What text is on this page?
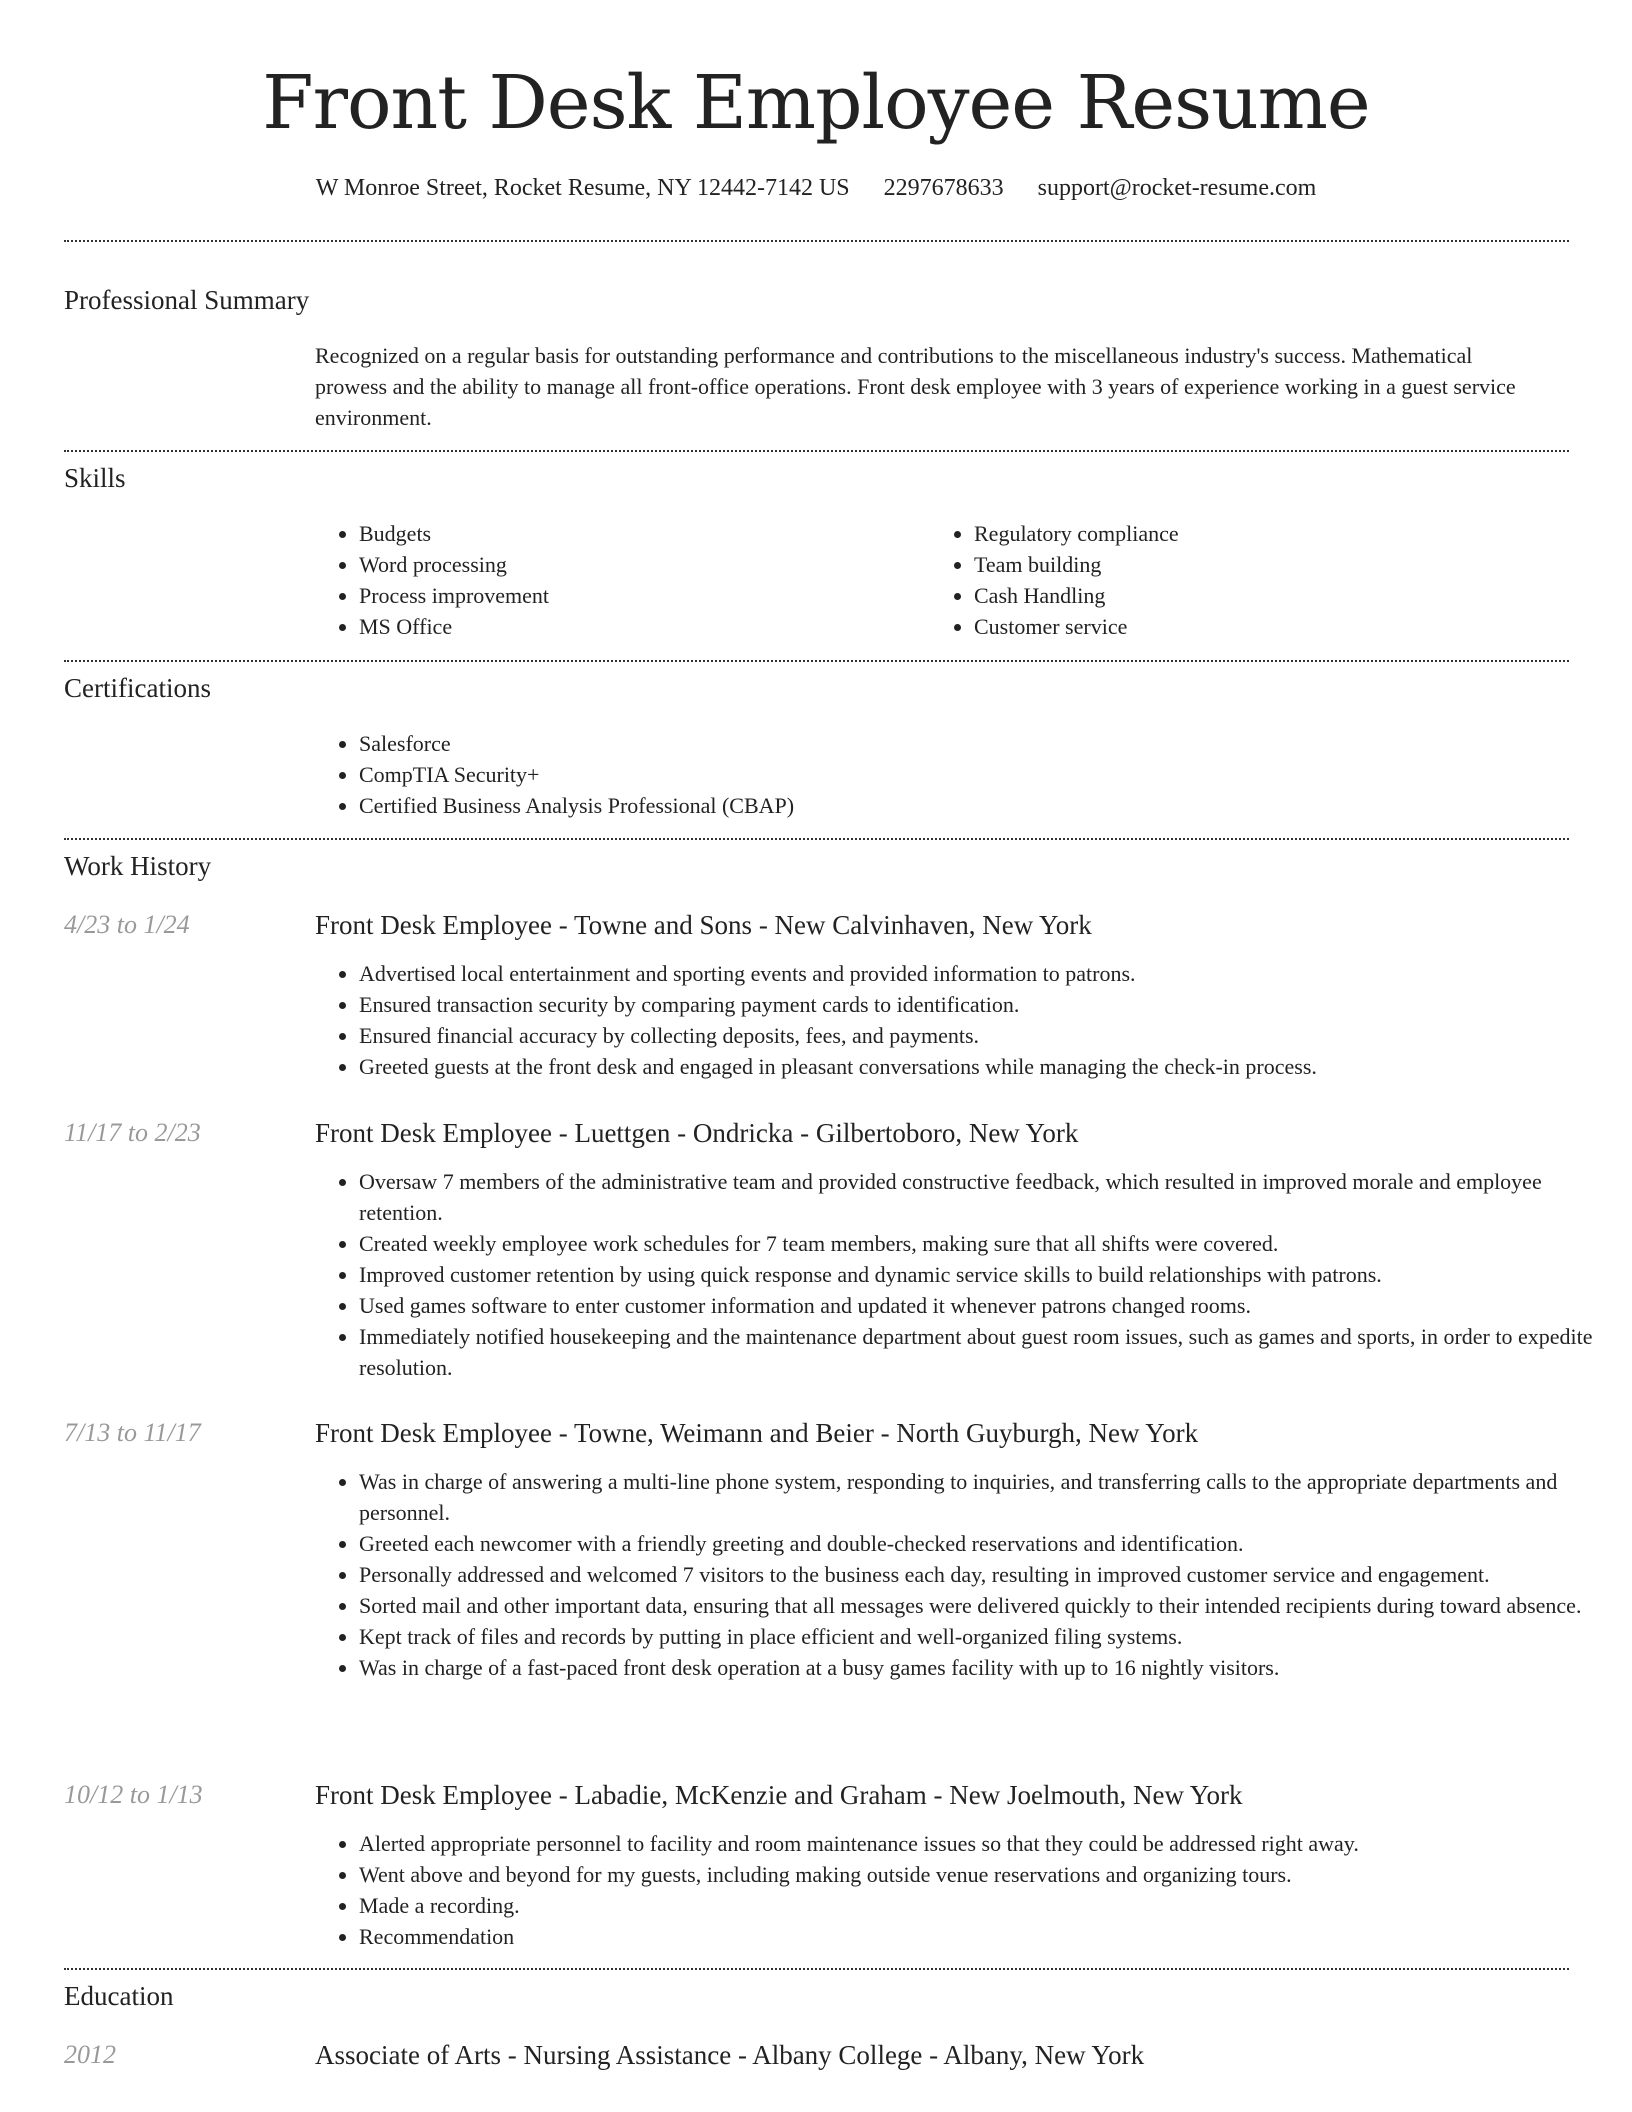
Front Desk Employee Resume
W Monroe Street, Rocket Resume, NY 12442-7142 US 2297678633 support@rocket-resume.com
Professional Summary

Recognized on a regular basis for outstanding performance and contributions to the miscellaneous industry's success. Mathematical prowess and the ability to manage all front-office operations. Front desk employee with 3 years of experience working in a guest service environment.

Skills
• Budgets
• Word processing
• Process improvement
• MS Office
• Regulatory compliance
• Team building
• Cash Handling
• Customer service
Certifications
• Salesforce
• CompTIA Security+
• Certified Business Analysis Professional (CBAP)
Work History
4/23 to 1/24	Front Desk Employee - Towne and Sons - New Calvinhaven, New York
• Advertised local entertainment and sporting events and provided information to patrons.
• Ensured transaction security by comparing payment cards to identification.
• Ensured financial accuracy by collecting deposits, fees, and payments.
• Greeted guests at the front desk and engaged in pleasant conversations while managing the check-in process.
11/17 to 2/23	Front Desk Employee - Luettgen - Ondricka - Gilbertoboro, New York
• Oversaw 7 members of the administrative team and provided constructive feedback, which resulted in improved morale and employee retention.
• Created weekly employee work schedules for 7 team members, making sure that all shifts were covered.
• Improved customer retention by using quick response and dynamic service skills to build relationships with patrons.
• Used games software to enter customer information and updated it whenever patrons changed rooms.
• Immediately notified housekeeping and the maintenance department about guest room issues, such as games and sports, in order to expedite resolution.
7/13 to 11/17	Front Desk Employee - Towne, Weimann and Beier - North Guyburgh, New York
• Was in charge of answering a multi-line phone system, responding to inquiries, and transferring calls to the appropriate departments and personnel.
• Greeted each newcomer with a friendly greeting and double-checked reservations and identification.
• Personally addressed and welcomed 7 visitors to the business each day, resulting in improved customer service and engagement.
• Sorted mail and other important data, ensuring that all messages were delivered quickly to their intended recipients during toward absence.
• Kept track of files and records by putting in place efficient and well-organized filing systems.
• Was in charge of a fast-paced front desk operation at a busy games facility with up to 16 nightly visitors.
10/12 to 1/13	Front Desk Employee - Labadie, McKenzie and Graham - New Joelmouth, New York
• Alerted appropriate personnel to facility and room maintenance issues so that they could be addressed right away.
• Went above and beyond for my guests, including making outside venue reservations and organizing tours.
• Made a recording.
• Recommendation
Education
2012	Associate of Arts - Nursing Assistance - Albany College - Albany, New York
